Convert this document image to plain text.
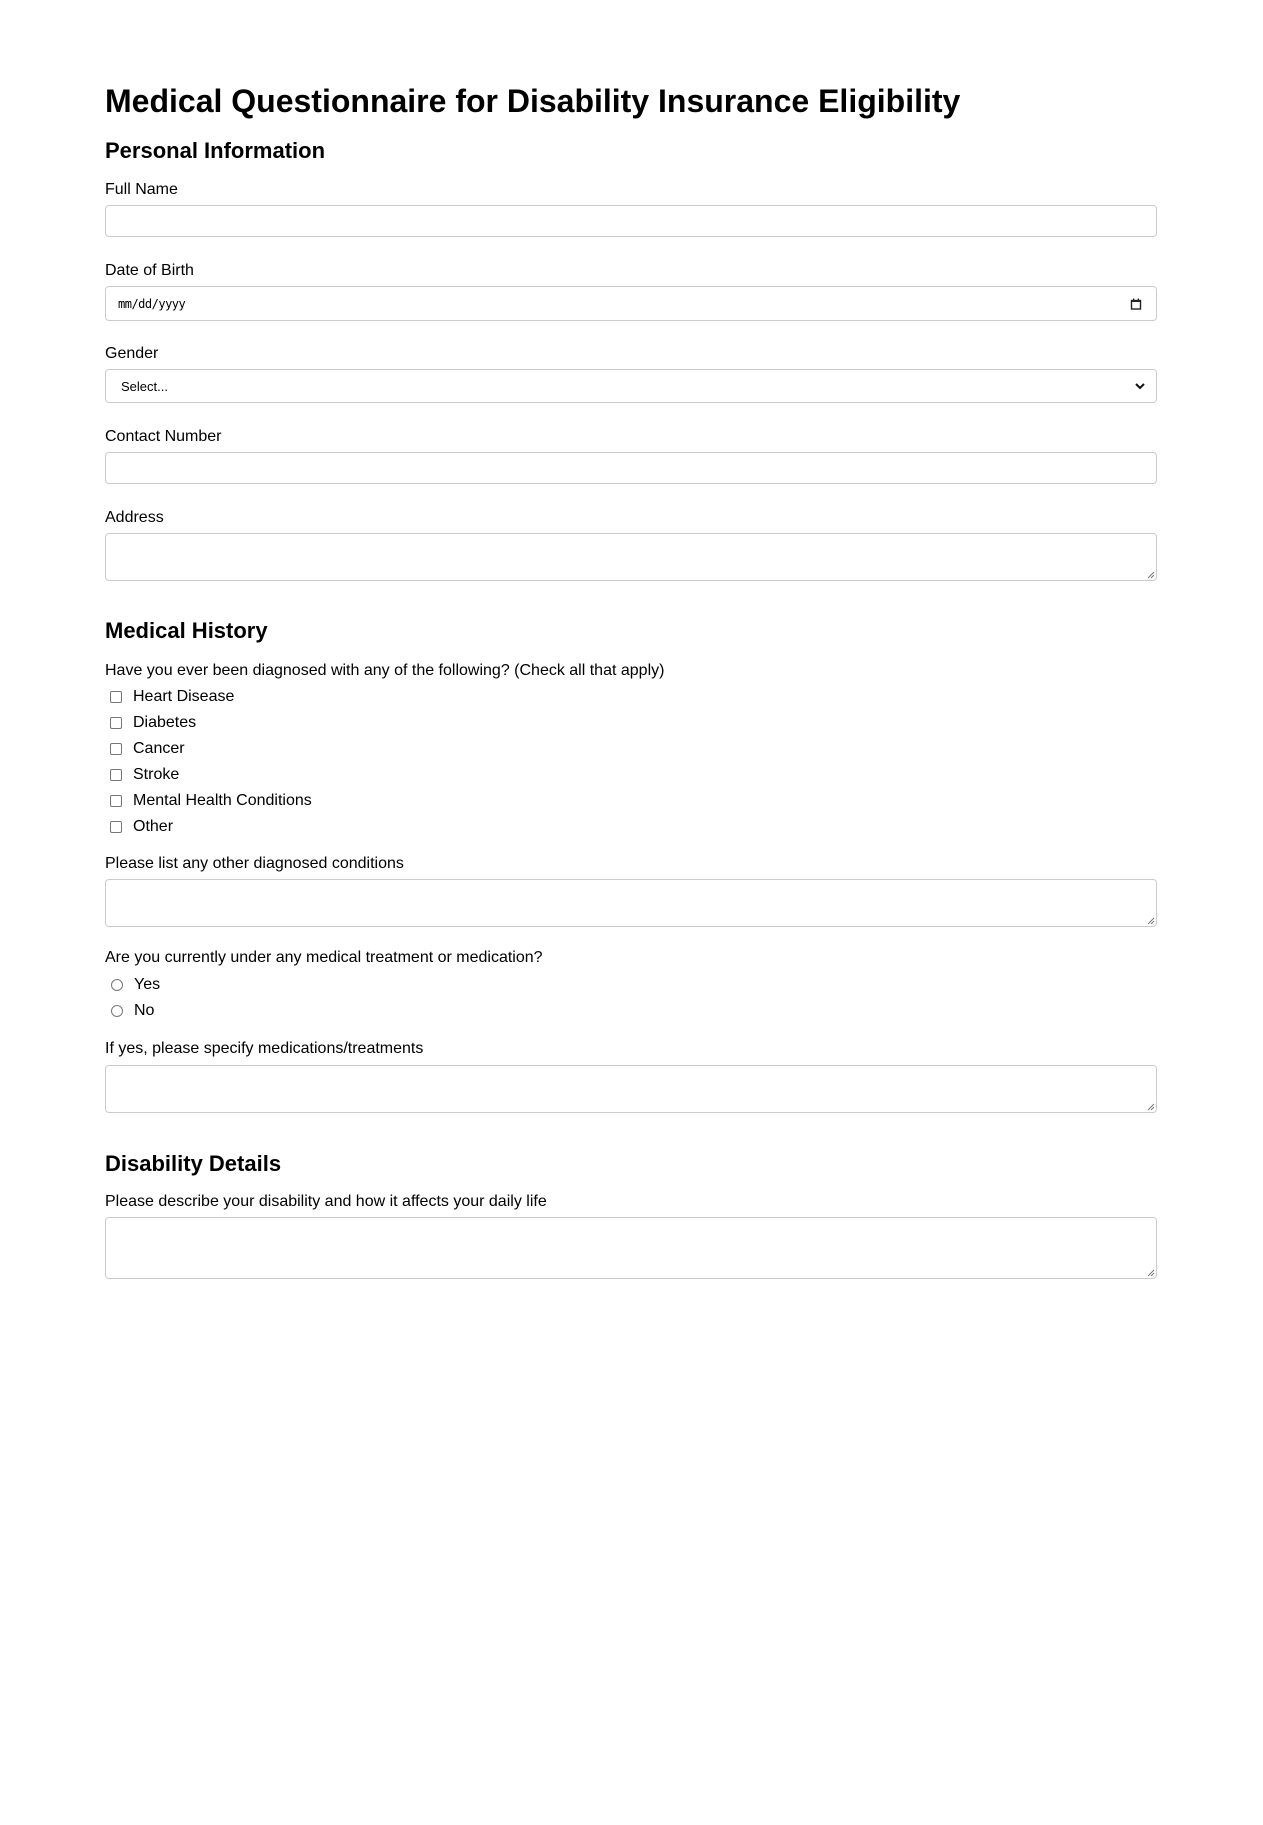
Medical Questionnaire for Disability Insurance Eligibility
Personal Information
Full Name
Date of Birth
mm/dd/yyyy
Gender
Select...
Contact Number
Address
Medical History
Have you ever been diagnosed with any of the following? (Check all that apply)
Heart Disease
Diabetes
Cancer
Stroke
Mental Health Conditions
Other
Please list any other diagnosed conditions
Are you currently under any medical treatment or medication?
Yes
No
If yes, please specify medications/treatments
Disability Details
Please describe your disability and how it affects your daily life
